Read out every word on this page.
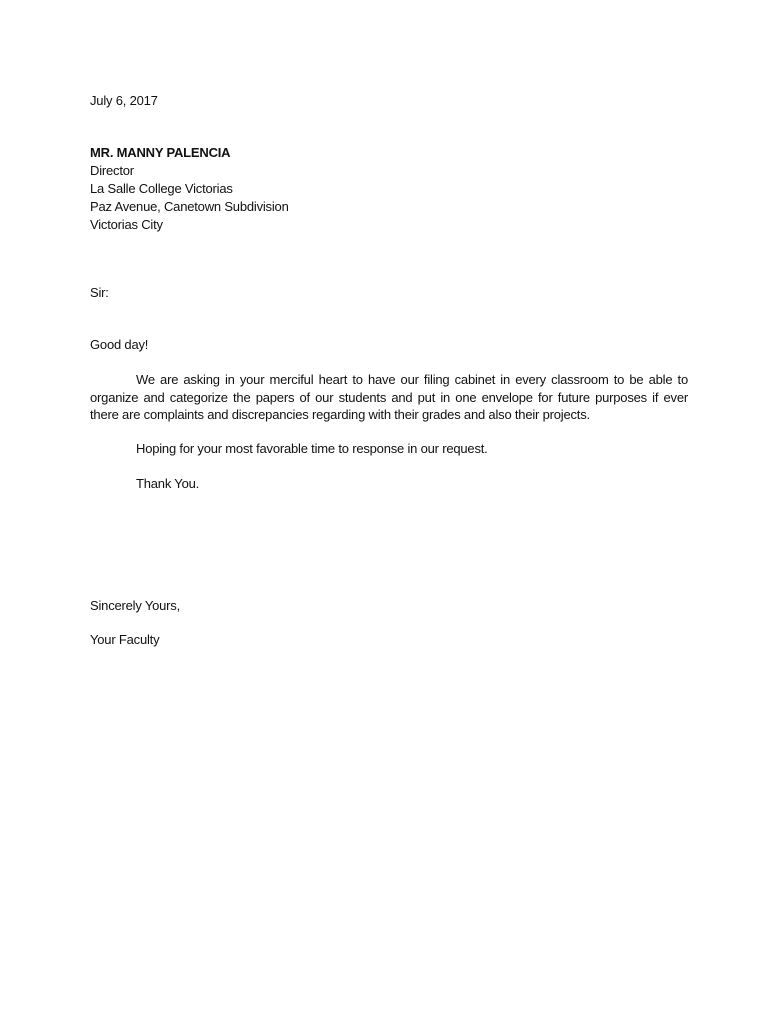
July 6, 2017
MR. MANNY PALENCIA
Director
La Salle College Victorias
Paz Avenue, Canetown Subdivision
Victorias City
Sir:
Good day!
We are asking in your merciful heart to have our filing cabinet in every classroom to be able to organize and categorize the papers of our students and put in one envelope for future purposes if ever there are complaints and discrepancies regarding with their grades and also their projects.
Hoping for your most favorable time to response in our request.
Thank You.
Sincerely Yours,
Your Faculty
